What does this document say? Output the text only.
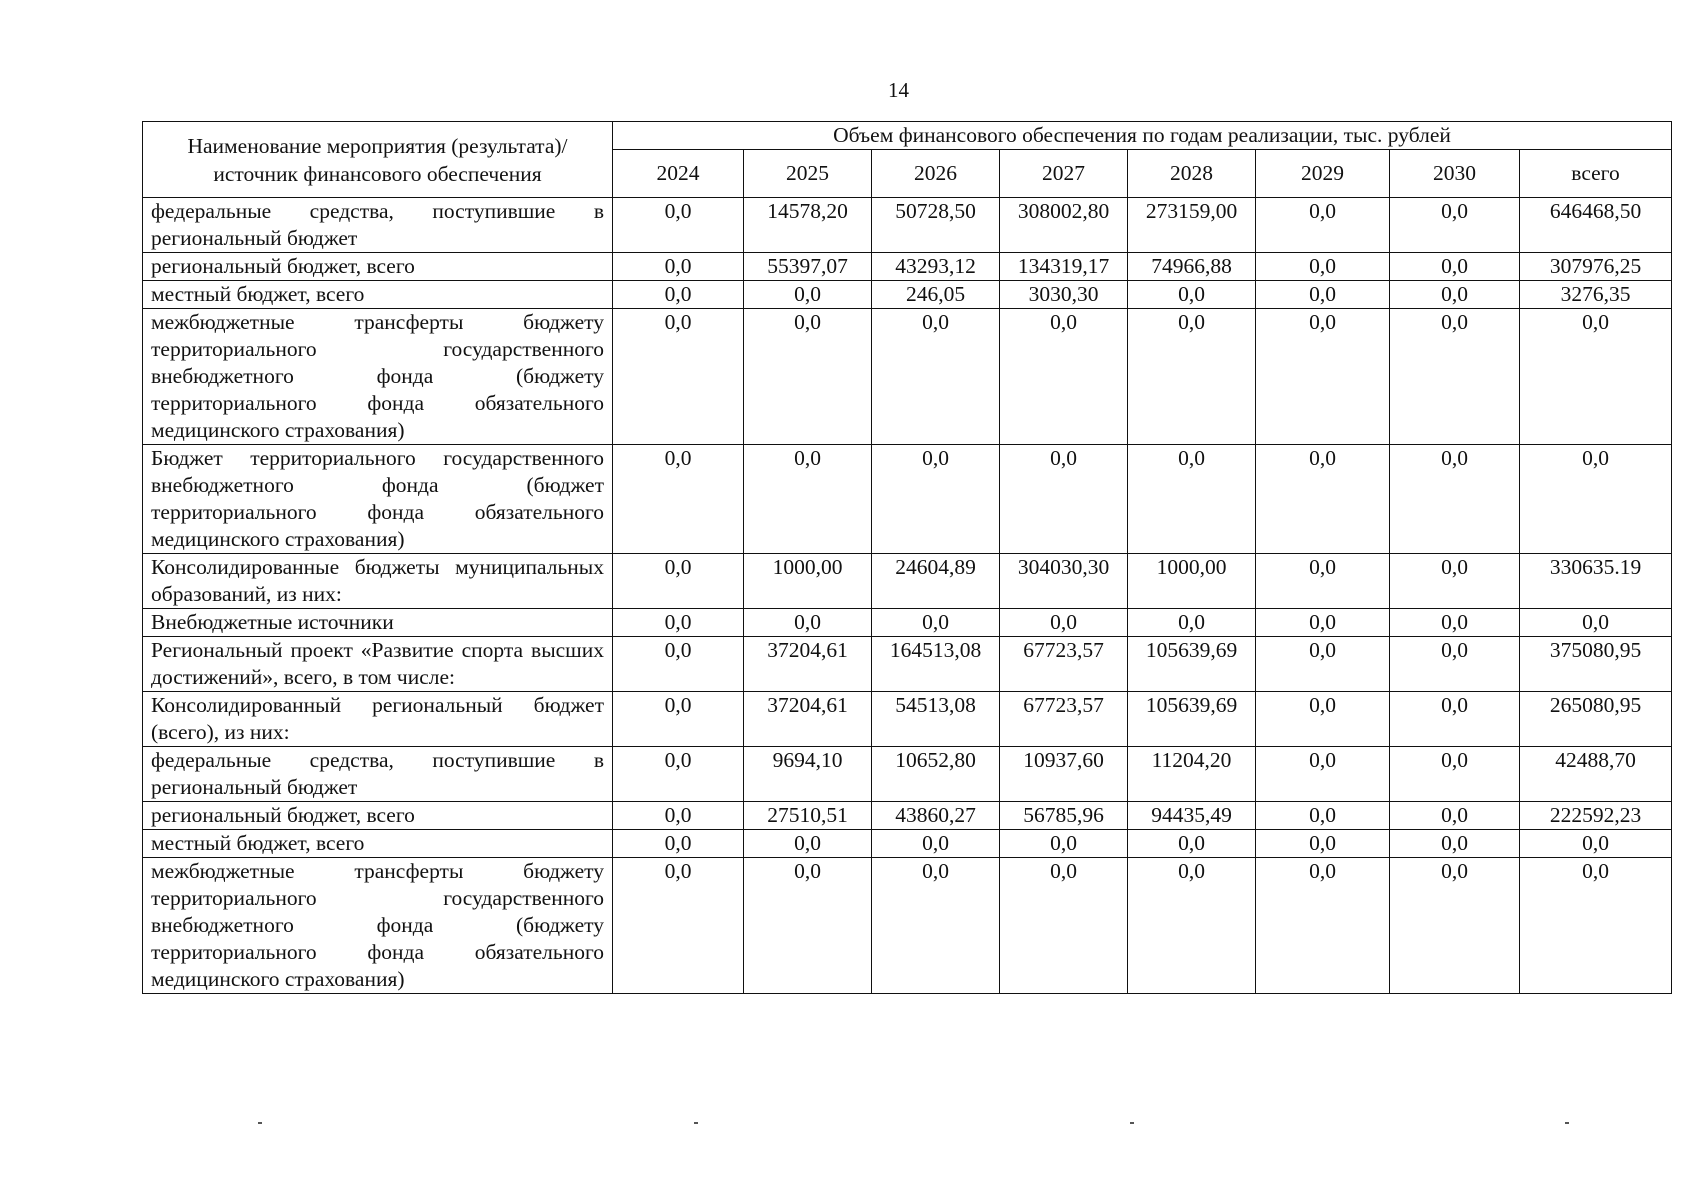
14
Наименование мероприятия (результата)/источник финансового обеспечения	Объем финансового обеспечения по годам реализации, тыс. рублей							
	2024	2025	2026	2027	2028	2029	2030	всего
федеральные средства, поступившие в региональный бюджет	0,0	14578,20	50728,50	308002,80	273159,00	0,0	0,0	646468,50
региональный бюджет, всего	0,0	55397,07	43293,12	134319,17	74966,88	0,0	0,0	307976,25
местный бюджет, всего	0,0	0,0	246,05	3030,30	0,0	0,0	0,0	3276,35
межбюджетные трансферты бюджету территориального государственного внебюджетного фонда (бюджету территориального фонда обязательного медицинского страхования)	0,0	0,0	0,0	0,0	0,0	0,0	0,0	0,0
Бюджет территориального государственного внебюджетного фонда (бюджет территориального фонда обязательного медицинского страхования)	0,0	0,0	0,0	0,0	0,0	0,0	0,0	0,0
Консолидированные бюджеты муниципальных образований, из них:	0,0	1000,00	24604,89	304030,30	1000,00	0,0	0,0	330635.19
Внебюджетные источники	0,0	0,0	0,0	0,0	0,0	0,0	0,0	0,0
Региональный проект «Развитие спорта высших достижений», всего, в том числе:	0,0	37204,61	164513,08	67723,57	105639,69	0,0	0,0	375080,95
Консолидированный региональный бюджет (всего), из них:	0,0	37204,61	54513,08	67723,57	105639,69	0,0	0,0	265080,95
федеральные средства, поступившие в региональный бюджет	0,0	9694,10	10652,80	10937,60	11204,20	0,0	0,0	42488,70
региональный бюджет, всего	0,0	27510,51	43860,27	56785,96	94435,49	0,0	0,0	222592,23
местный бюджет, всего	0,0	0,0	0,0	0,0	0,0	0,0	0,0	0,0
межбюджетные трансферты бюджету территориального государственного внебюджетного фонда (бюджету территориального фонда обязательного медицинского страхования)	0,0	0,0	0,0	0,0	0,0	0,0	0,0	0,0
